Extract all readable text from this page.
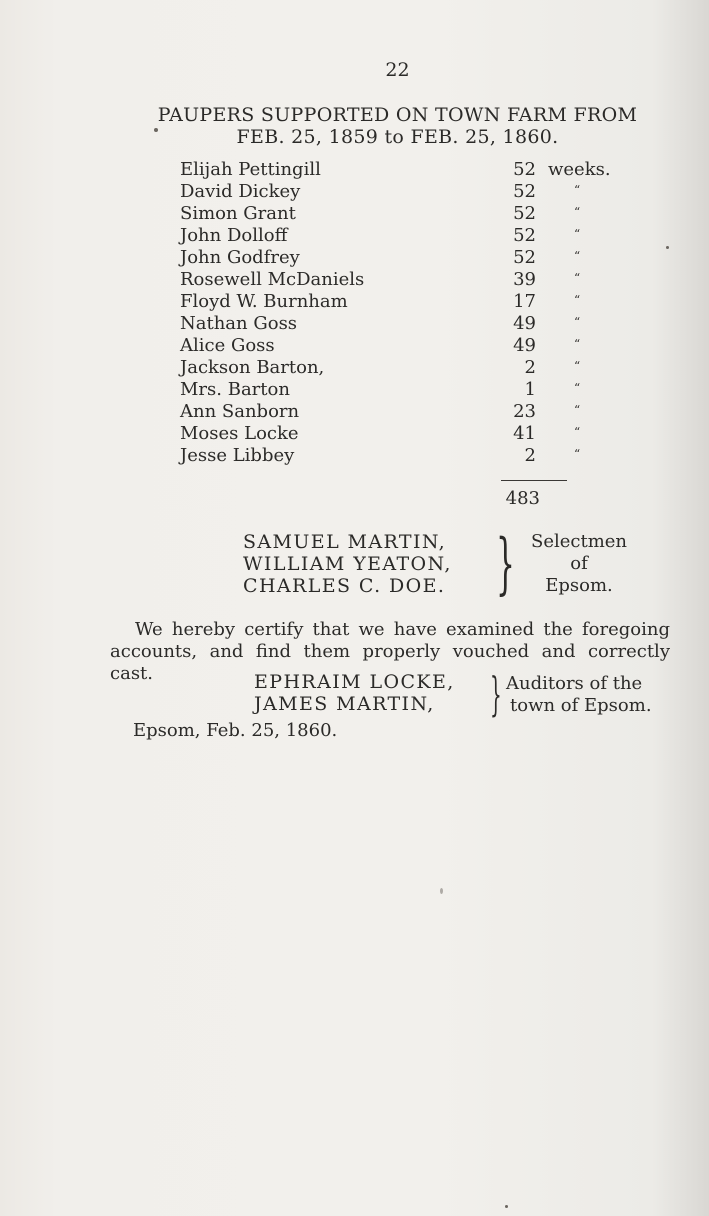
22
PAUPERS SUPPORTED ON TOWN FARM FROM
FEB. 25, 1859 to FEB. 25, 1860.
Elijah Pettingill	52 weeks.
David Dickey	52	“
Simon Grant	52	“
John Dolloff	52	“
John Godfrey	52	“
Rosewell McDaniels	39	“
Floyd W. Burnham	17	“
Nathan Goss	49	“
Alice Goss	49	“
Jackson Barton,	2	“
Mrs. Barton	1	“
Ann Sanborn	23	“
Moses Locke	41	“
Jesse Libbey	2	“
483
SAMUEL MARTIN,
WILLIAM YEATON,
CHARLES C. DOE. } Selectmen
of
Epsom.
We hereby certify that we have examined the foregoing accounts, and find them properly vouched and correctly cast.	EPHRAIM LOCKE,
JAMES MARTIN,	} Auditors of the
town of Epsom.
Epsom, Feb. 25, 1860.
